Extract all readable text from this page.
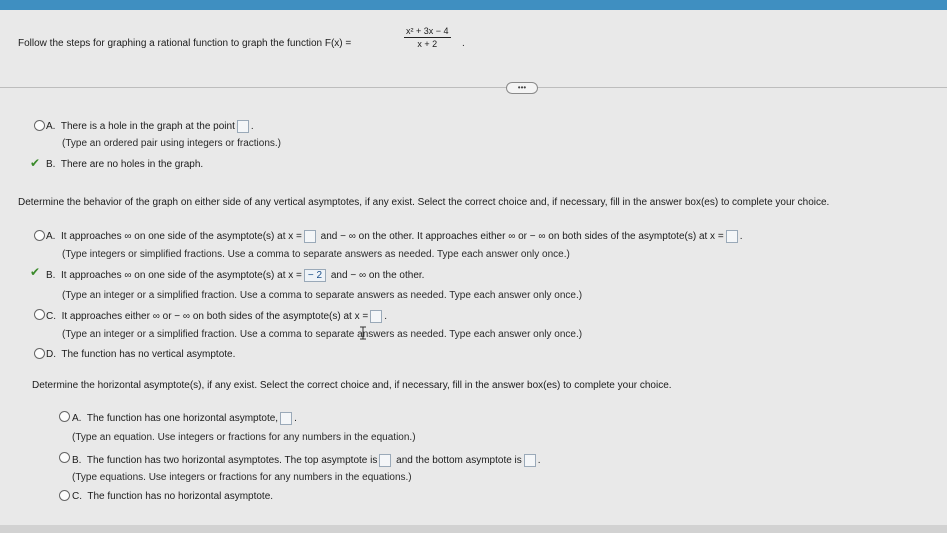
Follow the steps for graphing a rational function to graph the function F(x) =	$\frac{\text{x² + 3x − 4}}{x + 2}$ .
•••
A. There is a hole in the graph at the point .
(Type an ordered pair using integers or fractions.)
✔ B. There are no holes in the graph.
Determine the behavior of the graph on either side of any vertical asymptotes, if any exist. Select the correct choice and, if necessary, fill in the answer box(es) to complete your choice.
A. It approaches ∞ on one side of the asymptote(s) at x = and − ∞ on the other. It approaches either ∞ or − ∞ on both sides of the asymptote(s) at x = .
(Type integers or simplified fractions. Use a comma to separate answers as needed. Type each answer only once.)
✔ B. It approaches ∞ on one side of the asymptote(s) at x = − 2 and − ∞ on the other.
(Type an integer or a simplified fraction. Use a comma to separate answers as needed. Type each answer only once.)
C. It approaches either ∞ or − ∞ on both sides of the asymptote(s) at x = .
(Type an integer or a simplified fraction. Use a comma to separate answers as needed. Type each answer only once.)
D. The function has no vertical asymptote.
Determine the horizontal asymptote(s), if any exist. Select the correct choice and, if necessary, fill in the answer box(es) to complete your choice.
A. The function has one horizontal asymptote, .
(Type an equation. Use integers or fractions for any numbers in the equation.)
B. The function has two horizontal asymptotes. The top asymptote is and the bottom asymptote is .
(Type equations. Use integers or fractions for any numbers in the equations.)
C. The function has no horizontal asymptote.
